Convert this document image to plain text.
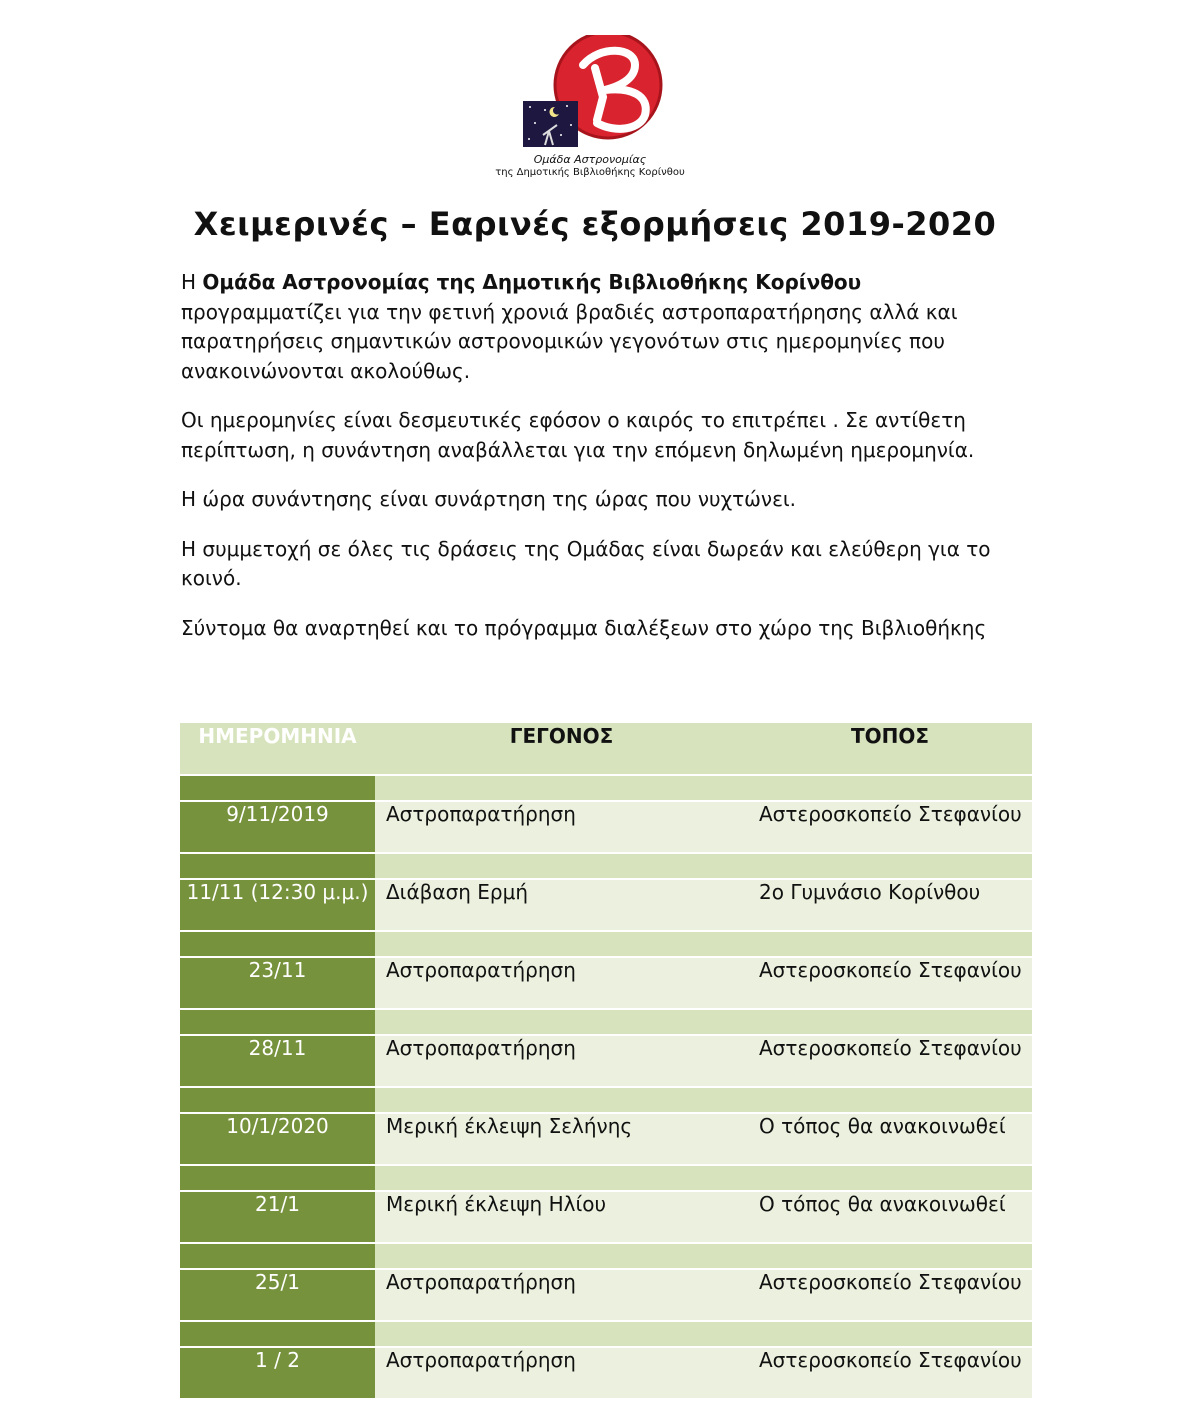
Ομάδα Αστρονομίας
της Δημοτικής Βιβλιοθήκης Κορίνθου
Χειμερινές – Εαρινές εξορμήσεις 2019-2020

Η Ομάδα Αστρονομίας της Δημοτικής Βιβλιοθήκης Κορίνθου προγραμματίζει για την φετινή χρονιά βραδιές αστροπαρατήρησης αλλά και παρατηρήσεις σημαντικών αστρονομικών γεγονότων στις ημερομηνίες που ανακοινώνονται ακολούθως.

Οι ημερομηνίες είναι δεσμευτικές εφόσον ο καιρός το επιτρέπει . Σε αντίθετη περίπτωση, η συνάντηση αναβάλλεται για την επόμενη δηλωμένη ημερομηνία.

Η ώρα συνάντησης είναι συνάρτηση της ώρας που νυχτώνει.

Η συμμετοχή σε όλες τις δράσεις της Ομάδας είναι δωρεάν και ελεύθερη για το κοινό.

Σύντομα θα αναρτηθεί και το πρόγραμμα διαλέξεων στο χώρο της Βιβλιοθήκης

ΗΜΕΡΟΜΗΝΙΑ	ΓΕΓΟΝΟΣ	ΤΟΠΟΣ

9/11/2019	Αστροπαρατήρηση	Αστεροσκοπείο Στεφανίου

11/11 (12:30 μ.μ.)	Διάβαση Ερμή	2ο Γυμνάσιο Κορίνθου

23/11	Αστροπαρατήρηση	Αστεροσκοπείο Στεφανίου

28/11	Αστροπαρατήρηση	Αστεροσκοπείο Στεφανίου

10/1/2020	Μερική έκλειψη Σελήνης	Ο τόπος θα ανακοινωθεί

21/1	Μερική έκλειψη Ηλίου	Ο τόπος θα ανακοινωθεί

25/1	Αστροπαρατήρηση	Αστεροσκοπείο Στεφανίου

1 / 2	Αστροπαρατήρηση	Αστεροσκοπείο Στεφανίου
